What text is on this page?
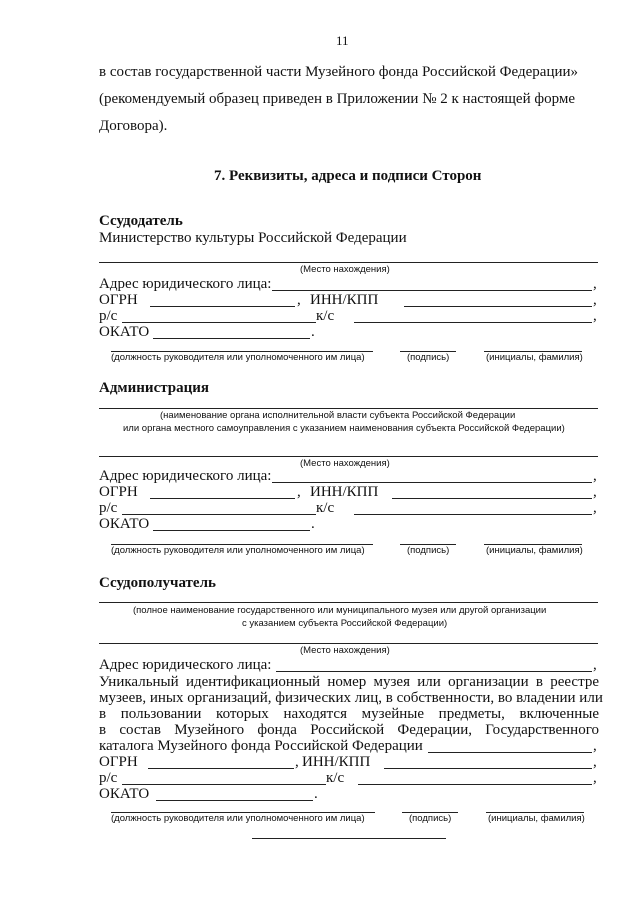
11
в состав государственной части Музейного фонда Российской Федерации»
(рекомендуемый образец приведен в Приложении № 2 к настоящей форме
Договора).
7. Реквизиты, адреса и подписи Сторон
Ссудодатель
Министерство культуры Российской Федерации
(Место нахождения)
Адрес юридического лица:	,
ОГРН	, ИНН/КПП	,
р/с	к/с	,
ОКАТО	.
(должность руководителя или уполномоченного им лица)	(подпись)	(инициалы, фамилия)
Администрация
(наименование органа исполнительной власти субъекта Российской Федерации
или органа местного самоуправления с указанием наименования субъекта Российской Федерации)
(Место нахождения)
Адрес юридического лица:	,
ОГРН	, ИНН/КПП	,
р/с	к/с	,
ОКАТО	.
(должность руководителя или уполномоченного им лица)	(подпись)	(инициалы, фамилия)
Ссудополучатель
(полное наименование государственного или муниципального музея или другой организации
с указанием субъекта Российской Федерации)
(Место нахождения)
Адрес юридического лица:	,
Уникальный идентификационный номер музея или организации в реестре
музеев, иных организаций, физических лиц, в собственности, во владении или
в пользовании которых находятся музейные предметы, включенные
в состав Музейного фонда Российской Федерации, Государственного
каталога Музейного фонда Российской Федерации	,
ОГРН	, ИНН/КПП	,
р/с	к/с	,
ОКАТО	.
(должность руководителя или уполномоченного им лица)	(подпись)	(инициалы, фамилия)
